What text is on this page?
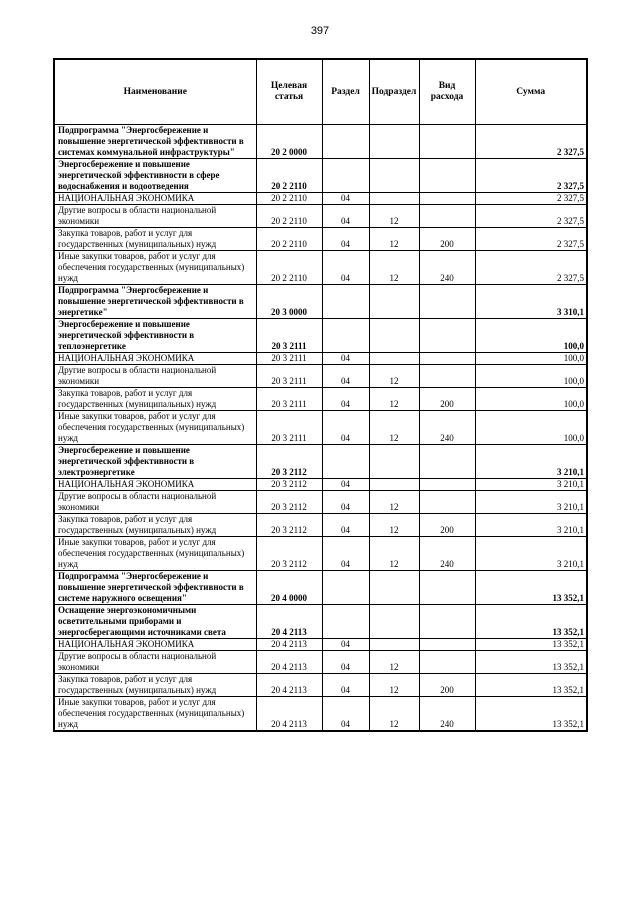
397
Наименование	Целевая статья	Раздел	Подраздел	Вид расхода	Сумма
Подпрограмма "Энергосбережение и повышение энергетической эффективности в системах коммунальной инфраструктуры"	20 2 0000				2 327,5
Энергосбережение и повышение энергетической эффективности в сфере водоснабжения и водоотведения	20 2 2110				2 327,5
НАЦИОНАЛЬНАЯ ЭКОНОМИКА	20 2 2110	04			2 327,5
Другие вопросы в области национальной экономики	20 2 2110	04	12		2 327,5
Закупка товаров, работ и услуг для государственных (муниципальных) нужд	20 2 2110	04	12	200	2 327,5
Иные закупки товаров, работ и услуг для обеспечения государственных (муниципальных) нужд	20 2 2110	04	12	240	2 327,5
Подпрограмма "Энергосбережение и повышение энергетической эффективности в энергетике"	20 3 0000				3 310,1
Энергосбережение и повышение энергетической эффективности в теплоэнергетике	20 3 2111				100,0
НАЦИОНАЛЬНАЯ ЭКОНОМИКА	20 3 2111	04			100,0
Другие вопросы в области национальной экономики	20 3 2111	04	12		100,0
Закупка товаров, работ и услуг для государственных (муниципальных) нужд	20 3 2111	04	12	200	100,0
Иные закупки товаров, работ и услуг для обеспечения государственных (муниципальных) нужд	20 3 2111	04	12	240	100,0
Энергосбережение и повышение энергетической эффективности в электроэнергетике	20 3 2112				3 210,1
НАЦИОНАЛЬНАЯ ЭКОНОМИКА	20 3 2112	04			3 210,1
Другие вопросы в области национальной экономики	20 3 2112	04	12		3 210,1
Закупка товаров, работ и услуг для государственных (муниципальных) нужд	20 3 2112	04	12	200	3 210,1
Иные закупки товаров, работ и услуг для обеспечения государственных (муниципальных) нужд	20 3 2112	04	12	240	3 210,1
Подпрограмма "Энергосбережение и повышение энергетической эффективности в системе наружного освещения"	20 4 0000				13 352,1
Оснащение энергоэкономичными осветительными приборами и энергосберегающими источниками света	20 4 2113				13 352,1
НАЦИОНАЛЬНАЯ ЭКОНОМИКА	20 4 2113	04			13 352,1
Другие вопросы в области национальной экономики	20 4 2113	04	12		13 352,1
Закупка товаров, работ и услуг для государственных (муниципальных) нужд	20 4 2113	04	12	200	13 352,1
Иные закупки товаров, работ и услуг для обеспечения государственных (муниципальных) нужд	20 4 2113	04	12	240	13 352,1
